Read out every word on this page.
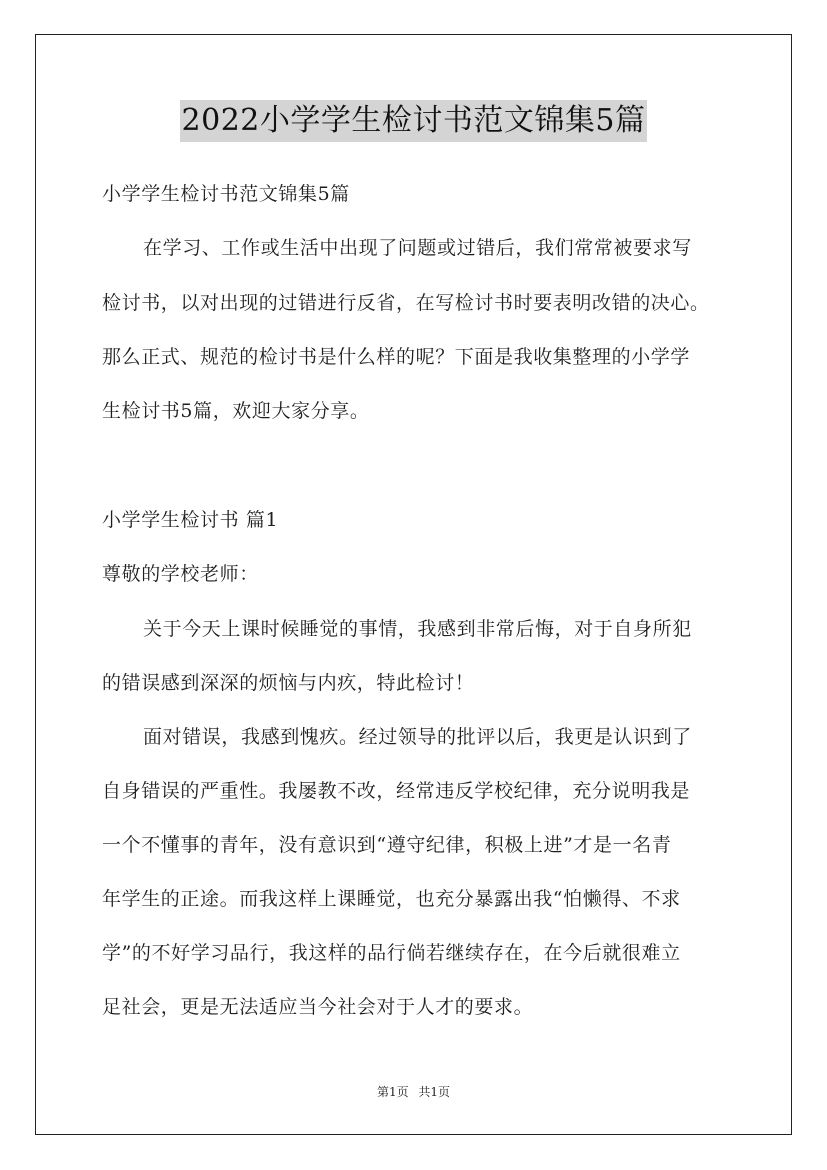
2022小学学生检讨书范文锦集5篇
小学学生检讨书范文锦集5篇
在学习、工作或生活中出现了问题或过错后，我们常常被要求写
检讨书，以对出现的过错进行反省，在写检讨书时要表明改错的决心。
那么正式、规范的检讨书是什么样的呢？下面是我收集整理的小学学
生检讨书5篇，欢迎大家分享。
小学学生检讨书 篇1
尊敬的学校老师：
关于今天上课时候睡觉的事情，我感到非常后悔，对于自身所犯
的错误感到深深的烦恼与内疚，特此检讨！
面对错误，我感到愧疚。经过领导的批评以后，我更是认识到了
自身错误的严重性。我屡教不改，经常违反学校纪律，充分说明我是
一个不懂事的青年，没有意识到“遵守纪律，积极上进”才是一名青
年学生的正途。而我这样上课睡觉，也充分暴露出我“怕懒得、不求
学”的不好学习品行，我这样的品行倘若继续存在，在今后就很难立
足社会，更是无法适应当今社会对于人才的要求。
第1页 共1页
